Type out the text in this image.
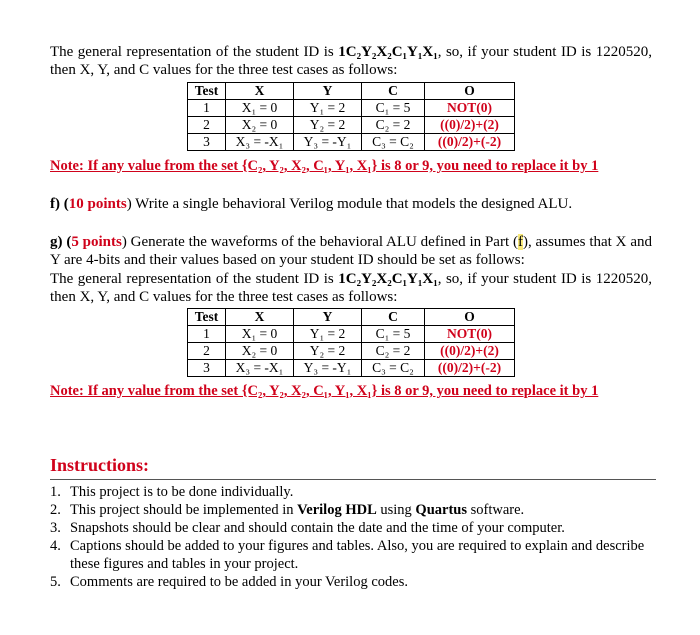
The general representation of the student ID is 1C₂Y₂X₂C₁Y₁X₁, so, if your student ID is 1220520, then X, Y, and C values for the three test cases as follows:
Test	X	Y	C	O
1	X₁ = 0	Y₁ = 2	C₁ = 5	NOT(0)
2	X₂ = 0	Y₂ = 2	C₂ = 2	((0)/2)+(2)
3	X₃ = -X₁	Y₃ = -Y₁	C₃ = C₂	((0)/2)+(-2)
Note: If any value from the set {C₂, Y₂, X₂, C₁, Y₁, X₁} is 8 or 9, you need to replace it by 1
f) (10 points) Write a single behavioral Verilog module that models the designed ALU.
g) (5 points) Generate the waveforms of the behavioral ALU defined in Part (f), assumes that X and Y are 4-bits and their values based on your student ID should be set as follows:
The general representation of the student ID is 1C₂Y₂X₂C₁Y₁X₁, so, if your student ID is 1220520, then X, Y, and C values for the three test cases as follows:
Test	X	Y	C	O
1	X₁ = 0	Y₁ = 2	C₁ = 5	NOT(0)
2	X₂ = 0	Y₂ = 2	C₂ = 2	((0)/2)+(2)
3	X₃ = -X₁	Y₃ = -Y₁	C₃ = C₂	((0)/2)+(-2)
Note: If any value from the set {C₂, Y₂, X₂, C₁, Y₁, X₁} is 8 or 9, you need to replace it by 1
Instructions:
1. This project is to be done individually.
2. This project should be implemented in Verilog HDL using Quartus software.
3. Snapshots should be clear and should contain the date and the time of your computer.
4. Captions should be added to your figures and tables. Also, you are required to explain and describe these figures and tables in your project.
5. Comments are required to be added in your Verilog codes.
